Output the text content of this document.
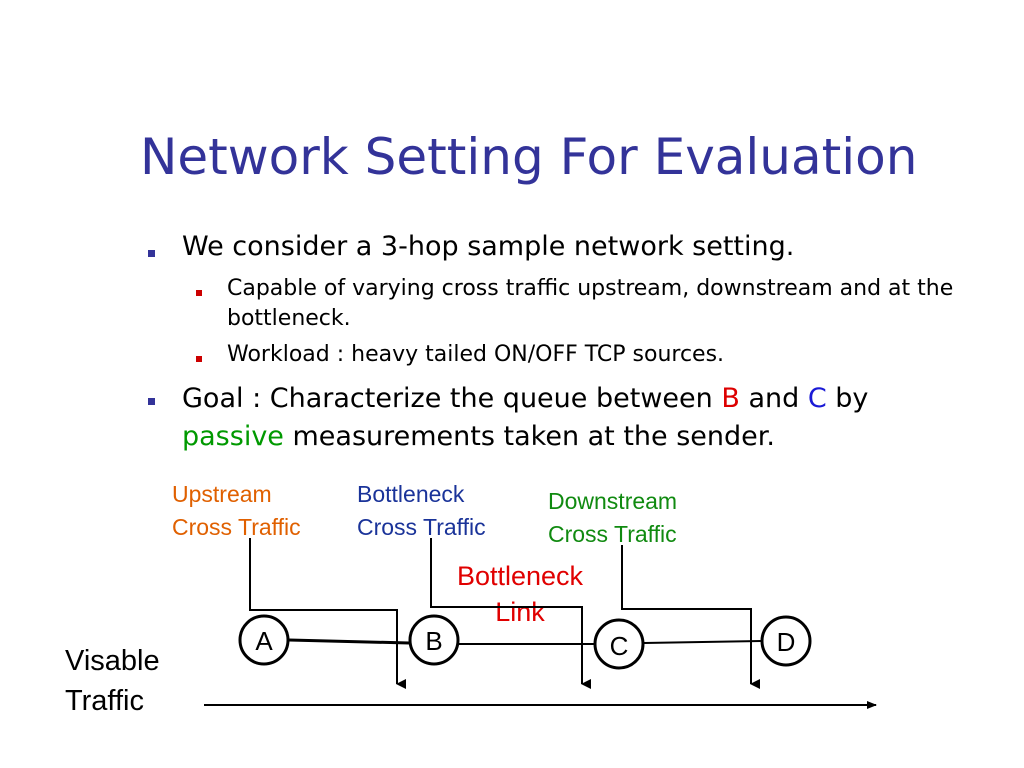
Network Setting For Evaluation
We consider a 3-hop sample network setting.
Capable of varying cross traffic upstream, downstream and at the bottleneck.
Workload : heavy tailed ON/OFF TCP sources.
Goal : Characterize the queue between B and C by
passive measurements taken at the sender.
Upstream
Cross Traffic
Bottleneck
Cross Traffic
Downstream
Cross Traffic
Bottleneck
Link
Visable
Traffic
A	B	C	D
